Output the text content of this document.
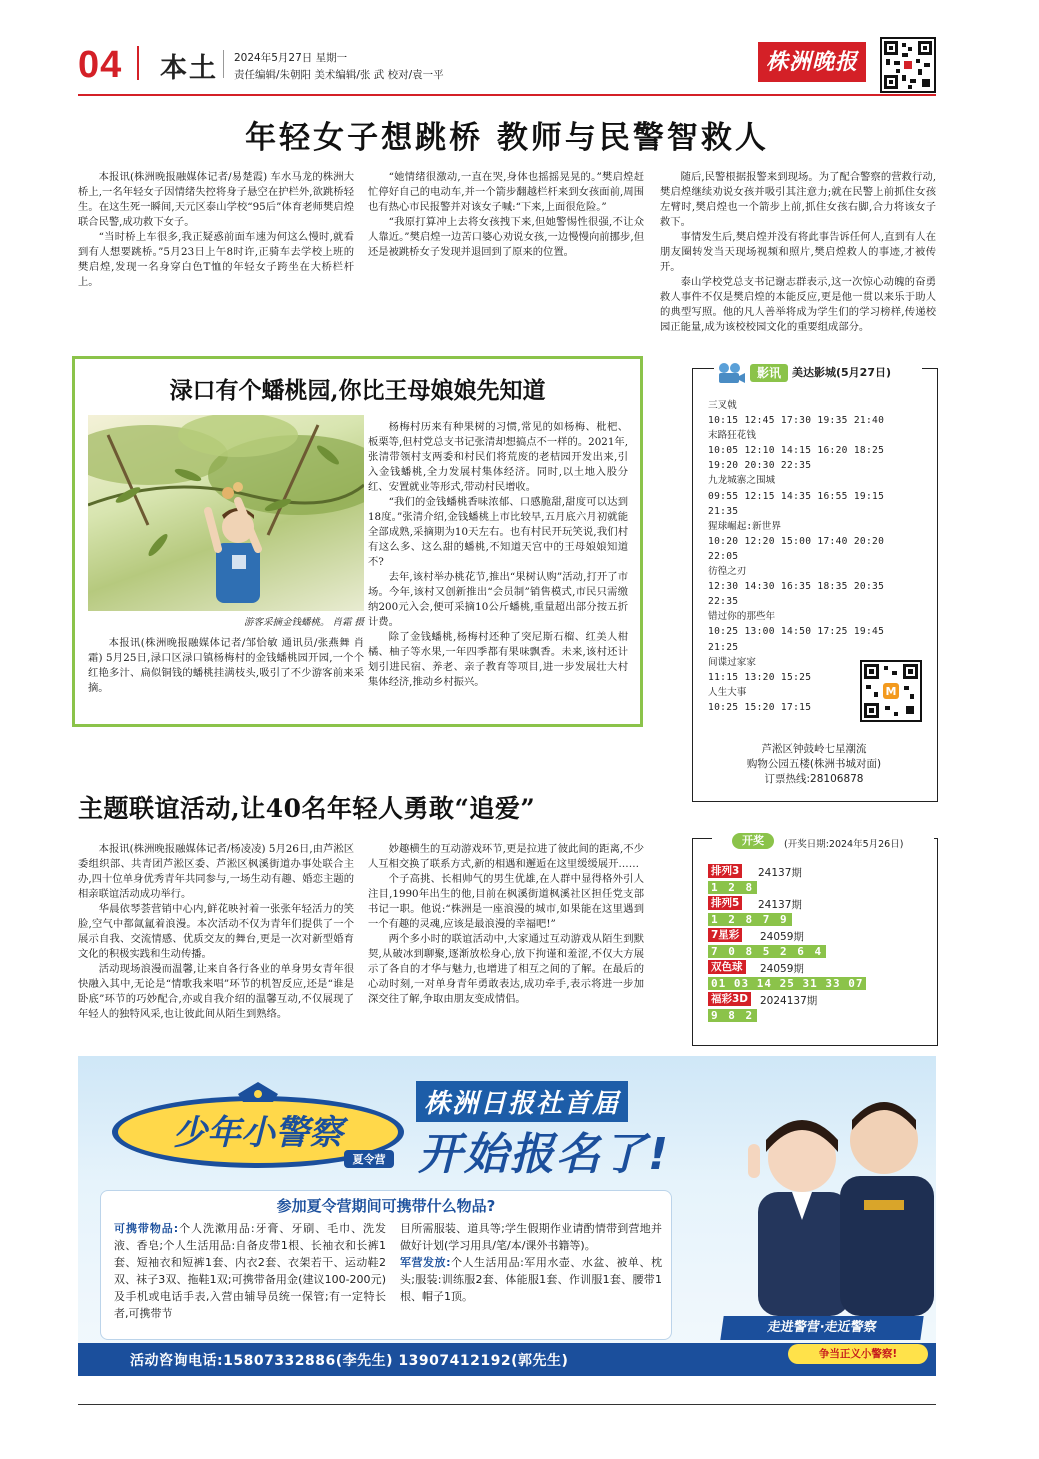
04 本土 2024年5月27日 星期一
责任编辑/朱朝阳 美术编辑/张 武 校对/袁一平	株洲晚报
年轻女子想跳桥 教师与民警智救人

本报讯(株洲晚报融媒体记者/易楚霞) 车水马龙的株洲大桥上,一名年轻女子因情绪失控将身子悬空在护栏外,欲跳桥轻生。在这生死一瞬间,天元区泰山学校“95后”体育老师樊启煌联合民警,成功救下女子。

“当时桥上车很多,我正疑惑前面车速为何这么慢时,就看到有人想要跳桥。”5月23日上午8时许,正骑车去学校上班的樊启煌,发现一名身穿白色T恤的年轻女子跨坐在大桥栏杆上。

“她情绪很激动,一直在哭,身体也摇摇晃晃的。”樊启煌赶忙停好自己的电动车,并一个箭步翻越栏杆来到女孩面前,周围也有热心市民报警并对该女子喊:“下来,上面很危险。”

“我原打算冲上去将女孩拽下来,但她警惕性很强,不让众人靠近。”樊启煌一边苦口婆心劝说女孩,一边慢慢向前挪步,但还是被跳桥女子发现并退回到了原来的位置。

随后,民警根据报警来到现场。为了配合警察的营救行动,樊启煌继续劝说女孩并吸引其注意力;就在民警上前抓住女孩左臂时,樊启煌也一个箭步上前,抓住女孩右脚,合力将该女子救下。

事情发生后,樊启煌并没有将此事告诉任何人,直到有人在朋友圈转发当天现场视频和照片,樊启煌救人的事迹,才被传开。

泰山学校党总支书记谢志群表示,这一次惊心动魄的奋勇救人事件不仅是樊启煌的本能反应,更是他一贯以来乐于助人的典型写照。他的凡人善举将成为学生们的学习榜样,传递校园正能量,成为该校校园文化的重要组成部分。

渌口有个蟠桃园,你比王母娘娘先知道
游客采摘金钱蟠桃。 肖霜 摄

本报讯(株洲晚报融媒体记者/邹恰敏 通讯员/张燕舞 肖霜) 5月25日,渌口区渌口镇杨梅村的金钱蟠桃园开园,一个个红艳多汁、扁似铜钱的蟠桃挂满枝头,吸引了不少游客前来采摘。

杨梅村历来有种果树的习惯,常见的如杨梅、枇杷、板栗等,但村党总支书记张清却想搞点不一样的。2021年,张清带领村支两委和村民们将荒废的老桔园开发出来,引入金钱蟠桃,全力发展村集体经济。同时,以土地入股分红、安置就业等形式,带动村民增收。

“我们的金钱蟠桃香味浓郁、口感脆甜,甜度可以达到18度。”张清介绍,金钱蟠桃上市比较早,五月底六月初就能全部成熟,采摘期为10天左右。也有村民开玩笑说,我们村有这么多、这么甜的蟠桃,不知道天宫中的王母娘娘知道不?

去年,该村举办桃花节,推出“果树认购”活动,打开了市场。今年,该村又创新推出“会员制”销售模式,市民只需缴纳200元入会,便可采摘10公斤蟠桃,重量超出部分按五折计费。

除了金钱蟠桃,杨梅村还种了突尼斯石榴、红美人柑橘、柚子等水果,一年四季都有果味飘香。未来,该村还计划引进民宿、养老、亲子教育等项目,进一步发展壮大村集体经济,推动乡村振兴。

影讯	美达影城(5月27日)
三叉戟
10:15 12:45 17:30 19:35 21:40
末路狂花钱
10:05 12:10 14:15 16:20 18:25
19:20 20:30 22:35
九龙城寨之围城
09:55 12:15 14:35 16:55 19:15
21:35
猩球崛起:新世界
10:20 12:20 15:00 17:40 20:20
22:05
彷徨之刃
12:30 14:30 16:35 18:35 20:35
22:35
错过你的那些年
10:25 13:00 14:50 17:25 19:45
21:25
间谍过家家
11:15 13:20 15:25
人生大事
10:25 15:20 17:15
M
芦淞区钟鼓岭七星潮流
购物公园五楼(株洲书城对面)
订票热线:28106878
主题联谊活动,让40名年轻人勇敢“追爱”

本报讯(株洲晚报融媒体记者/杨凌凌) 5月26日,由芦淞区委组织部、共青团芦淞区委、芦淞区枫溪街道办事处联合主办,四十位单身优秀青年共同参与,一场生动有趣、婚恋主题的相亲联谊活动成功举行。

华晨依琴荟营销中心内,鲜花映衬着一张张年轻活力的笑脸,空气中都氤氲着浪漫。本次活动不仅为青年们提供了一个展示自我、交流情感、优质交友的舞台,更是一次对新型婚育文化的积极实践和生动传播。

活动现场浪漫而温馨,让来自各行各业的单身男女青年很快融入其中,无论是“情歌我来唱”环节的机智反应,还是“谁是卧底”环节的巧妙配合,亦或自我介绍的温馨互动,不仅展现了年轻人的独特风采,也让彼此间从陌生到熟络。

妙趣横生的互动游戏环节,更是拉进了彼此间的距离,不少人互相交换了联系方式,新的相遇和邂逅在这里缓缓展开……

个子高挑、长相帅气的男生优雄,在人群中显得格外引人注目,1990年出生的他,目前在枫溪街道枫溪社区担任党支部书记一职。他说:“株洲是一座浪漫的城市,如果能在这里遇到一个有趣的灵魂,应该是最浪漫的幸福吧!”

两个多小时的联谊活动中,大家通过互动游戏从陌生到默契,从破冰到聊聚,逐渐放松身心,放下拘谨和羞涩,不仅大方展示了各自的才华与魅力,也增进了相互之间的了解。在最后的心动时刻,一对单身青年勇敢表达,成功牵手,表示将进一步加深交往了解,争取由朋友变成情侣。

开奖	(开奖日期:2024年5月26日)
排列3 24137期
1 2 8
排列5 24137期
1 2 8 7 9
7星彩 24059期
7 0 8 5 2 6 4
双色球 24059期
01 03 14 25 31 33 07
福彩3D 2024137期
9 8 2
少年小警察
夏令营
株洲日报社首届
开始报名了!
参加夏令营期间可携带什么物品?
可携带物品:个人洗漱用品:牙膏、牙刷、毛巾、洗发液、香皂;个人生活用品:自备皮带1根、长袖衣和长裤1套、短袖衣和短裤1套、内衣2套、衣架若干、运动鞋2双、袜子3双、拖鞋1双;可携带备用金(建议100-200元)及手机或电话手表,入营由辅导员统一保管;有一定特长者,可携带节
目所需服装、道具等;学生假期作业请酌情带到营地并做好计划(学习用具/笔/本/课外书籍等)。
军营发放:个人生活用品:军用水壶、水盆、被单、枕头;服装:训练服2套、体能服1套、作训服1套、腰带1根、帽子1顶。
走进警营·走近警察
活动咨询电话:15807332886(李先生) 13907412192(郭先生)	争当正义小警察!
